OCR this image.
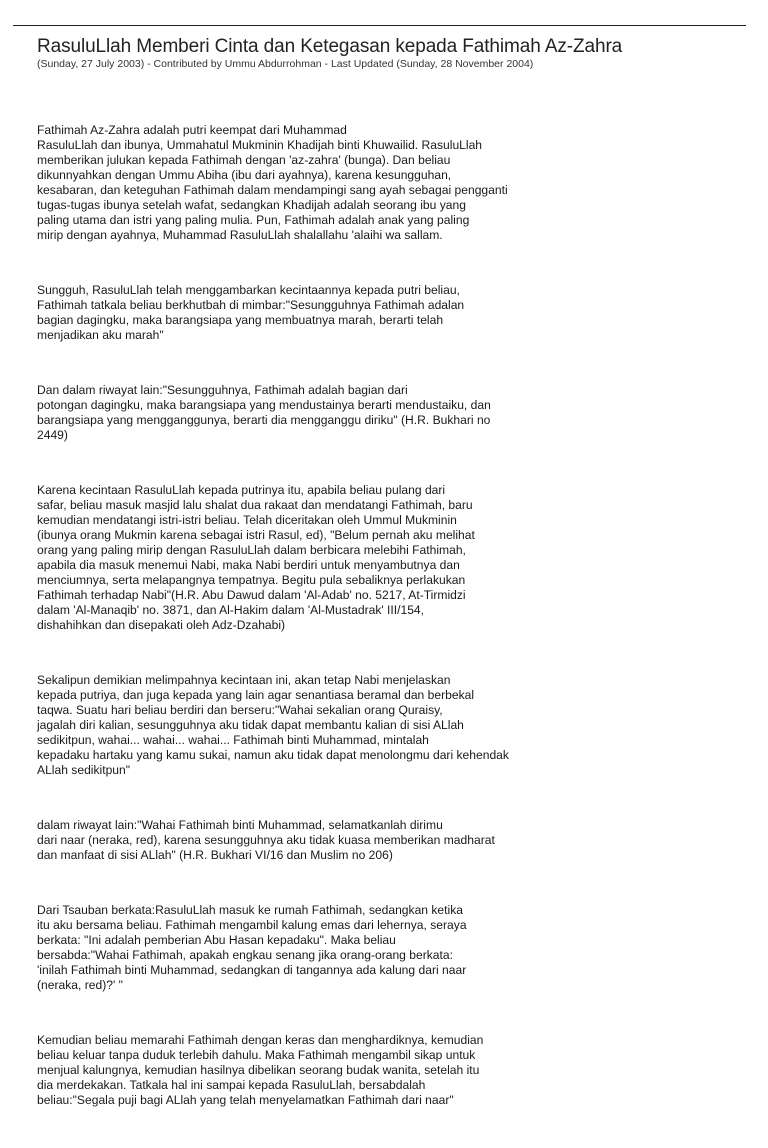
RasuluLlah Memberi Cinta dan Ketegasan kepada Fathimah Az-Zahra

(Sunday, 27 July 2003) - Contributed by Ummu Abdurrohman - Last Updated (Sunday, 28 November 2004)

Fathimah Az-Zahra adalah putri keempat dari Muhammad
RasuluLlah dan ibunya, Ummahatul Mukminin Khadijah binti Khuwailid. RasuluLlah
memberikan julukan kepada Fathimah dengan 'az-zahra' (bunga). Dan beliau
dikunnyahkan dengan Ummu Abiha (ibu dari ayahnya), karena kesungguhan,
kesabaran, dan keteguhan Fathimah dalam mendampingi sang ayah sebagai pengganti
tugas-tugas ibunya setelah wafat, sedangkan Khadijah adalah seorang ibu yang
paling utama dan istri yang paling mulia. Pun, Fathimah adalah anak yang paling
mirip dengan ayahnya, Muhammad RasuluLlah shalallahu 'alaihi wa sallam.

Sungguh, RasuluLlah telah menggambarkan kecintaannya kepada putri beliau,
Fathimah tatkala beliau berkhutbah di mimbar:"Sesungguhnya Fathimah adalan
bagian dagingku, maka barangsiapa yang membuatnya marah, berarti telah
menjadikan aku marah"

Dan dalam riwayat lain:"Sesungguhnya, Fathimah adalah bagian dari
potongan dagingku, maka barangsiapa yang mendustainya berarti mendustaiku, dan
barangsiapa yang mengganggunya, berarti dia mengganggu diriku" (H.R. Bukhari no
2449)

Karena kecintaan RasuluLlah kepada putrinya itu, apabila beliau pulang dari
safar, beliau masuk masjid lalu shalat dua rakaat dan mendatangi Fathimah, baru
kemudian mendatangi istri-istri beliau. Telah diceritakan oleh Ummul Mukminin
(ibunya orang Mukmin karena sebagai istri Rasul, ed), "Belum pernah aku melihat
orang yang paling mirip dengan RasuluLlah dalam berbicara melebihi Fathimah,
apabila dia masuk menemui Nabi, maka Nabi berdiri untuk menyambutnya dan
menciumnya, serta melapangnya tempatnya. Begitu pula sebaliknya perlakukan
Fathimah terhadap Nabi"(H.R. Abu Dawud dalam 'Al-Adab' no. 5217, At-Tirmidzi
dalam 'Al-Manaqib' no. 3871, dan Al-Hakim dalam 'Al-Mustadrak' III/154,
dishahihkan dan disepakati oleh Adz-Dzahabi)

Sekalipun demikian melimpahnya kecintaan ini, akan tetap Nabi menjelaskan
kepada putriya, dan juga kepada yang lain agar senantiasa beramal dan berbekal
taqwa. Suatu hari beliau berdiri dan berseru:"Wahai sekalian orang Quraisy,
jagalah diri kalian, sesungguhnya aku tidak dapat membantu kalian di sisi ALlah
sedikitpun, wahai... wahai... wahai... Fathimah binti Muhammad, mintalah
kepadaku hartaku yang kamu sukai, namun aku tidak dapat menolongmu dari kehendak
ALlah sedikitpun"

dalam riwayat lain:"Wahai Fathimah binti Muhammad, selamatkanlah dirimu
dari naar (neraka, red), karena sesungguhnya aku tidak kuasa memberikan madharat
dan manfaat di sisi ALlah" (H.R. Bukhari VI/16 dan Muslim no 206)

Dari Tsauban berkata:RasuluLlah masuk ke rumah Fathimah, sedangkan ketika
itu aku bersama beliau. Fathimah mengambil kalung emas dari lehernya, seraya
berkata: "Ini adalah pemberian Abu Hasan kepadaku". Maka beliau
bersabda:"Wahai Fathimah, apakah engkau senang jika orang-orang berkata:
'inilah Fathimah binti Muhammad, sedangkan di tangannya ada kalung dari naar
(neraka, red)?' "

Kemudian beliau memarahi Fathimah dengan keras dan menghardiknya, kemudian
beliau keluar tanpa duduk terlebih dahulu. Maka Fathimah mengambil sikap untuk
menjual kalungnya, kemudian hasilnya dibelikan seorang budak wanita, setelah itu
dia merdekakan. Tatkala hal ini sampai kepada RasuluLlah, bersabdalah
beliau:"Segala puji bagi ALlah yang telah menyelamatkan Fathimah dari naar"
